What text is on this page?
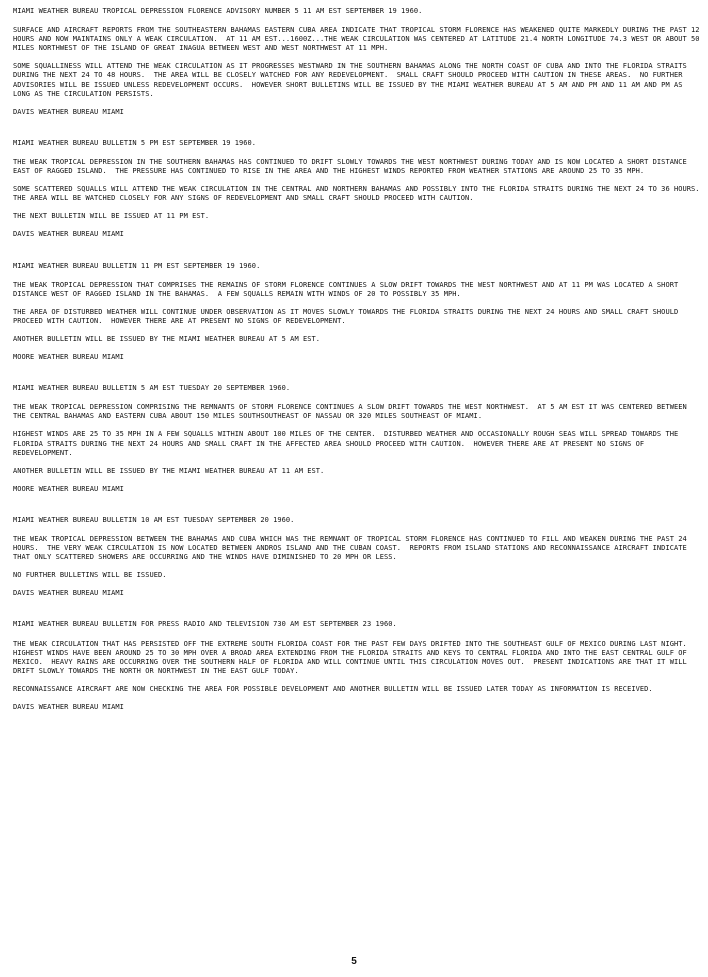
MIAMI WEATHER BUREAU TROPICAL DEPRESSION FLORENCE ADVISORY NUMBER 5 11 AM EST SEPTEMBER 19 1960.

SURFACE AND AIRCRAFT REPORTS FROM THE SOUTHEASTERN BAHAMAS EASTERN CUBA AREA INDICATE THAT TROPICAL STORM FLORENCE HAS WEAKENED QUITE MARKEDLY DURING THE PAST 12 HOURS AND NOW MAINTAINS ONLY A WEAK CIRCULATION.  AT 11 AM EST...1600Z...THE WEAK CIRCULATION WAS CENTERED AT LATITUDE 21.4 NORTH LONGITUDE 74.3 WEST OR ABOUT 50 MILES NORTHWEST OF THE ISLAND OF GREAT INAGUA BETWEEN WEST AND WEST NORTHWEST AT 11 MPH.

SOME SQUALLINESS WILL ATTEND THE WEAK CIRCULATION AS IT PROGRESSES WESTWARD IN THE SOUTHERN BAHAMAS ALONG THE NORTH COAST OF CUBA AND INTO THE FLORIDA STRAITS DURING THE NEXT 24 TO 48 HOURS.  THE AREA WILL BE CLOSELY WATCHED FOR ANY REDEVELOPMENT.  SMALL CRAFT SHOULD PROCEED WITH CAUTION IN THESE AREAS.  NO FURTHER ADVISORIES WILL BE ISSUED UNLESS REDEVELOPMENT OCCURS.  HOWEVER SHORT BULLETINS WILL BE ISSUED BY THE MIAMI WEATHER BUREAU AT 5 AM AND PM AND 11 AM AND PM AS LONG AS THE CIRCULATION PERSISTS.

DAVIS WEATHER BUREAU MIAMI

MIAMI WEATHER BUREAU BULLETIN 5 PM EST SEPTEMBER 19 1960.

THE WEAK TROPICAL DEPRESSION IN THE SOUTHERN BAHAMAS HAS CONTINUED TO DRIFT SLOWLY TOWARDS THE WEST NORTHWEST DURING TODAY AND IS NOW LOCATED A SHORT DISTANCE EAST OF RAGGED ISLAND.  THE PRESSURE HAS CONTINUED TO RISE IN THE AREA AND THE HIGHEST WINDS REPORTED FROM WEATHER STATIONS ARE AROUND 25 TO 35 MPH.

SOME SCATTERED SQUALLS WILL ATTEND THE WEAK CIRCULATION IN THE CENTRAL AND NORTHERN BAHAMAS AND POSSIBLY INTO THE FLORIDA STRAITS DURING THE NEXT 24 TO 36 HOURS.  THE AREA WILL BE WATCHED CLOSELY FOR ANY SIGNS OF REDEVELOPMENT AND SMALL CRAFT SHOULD PROCEED WITH CAUTION.

THE NEXT BULLETIN WILL BE ISSUED AT 11 PM EST.

DAVIS WEATHER BUREAU MIAMI

MIAMI WEATHER BUREAU BULLETIN 11 PM EST SEPTEMBER 19 1960.

THE WEAK TROPICAL DEPRESSION THAT COMPRISES THE REMAINS OF STORM FLORENCE CONTINUES A SLOW DRIFT TOWARDS THE WEST NORTHWEST AND AT 11 PM WAS LOCATED A SHORT DISTANCE WEST OF RAGGED ISLAND IN THE BAHAMAS.  A FEW SQUALLS REMAIN WITH WINDS OF 20 TO POSSIBLY 35 MPH.

THE AREA OF DISTURBED WEATHER WILL CONTINUE UNDER OBSERVATION AS IT MOVES SLOWLY TOWARDS THE FLORIDA STRAITS DURING THE NEXT 24 HOURS AND SMALL CRAFT SHOULD PROCEED WITH CAUTION.  HOWEVER THERE ARE AT PRESENT NO SIGNS OF REDEVELOPMENT.

ANOTHER BULLETIN WILL BE ISSUED BY THE MIAMI WEATHER BUREAU AT 5 AM EST.

MOORE WEATHER BUREAU MIAMI

MIAMI WEATHER BUREAU BULLETIN 5 AM EST TUESDAY 20 SEPTEMBER 1960.

THE WEAK TROPICAL DEPRESSION COMPRISING THE REMNANTS OF STORM FLORENCE CONTINUES A SLOW DRIFT TOWARDS THE WEST NORTHWEST.  AT 5 AM EST IT WAS CENTERED BETWEEN THE CENTRAL BAHAMAS AND EASTERN CUBA ABOUT 150 MILES SOUTHSOUTHEAST OF NASSAU OR 320 MILES SOUTHEAST OF MIAMI.

HIGHEST WINDS ARE 25 TO 35 MPH IN A FEW SQUALLS WITHIN ABOUT 100 MILES OF THE CENTER.  DISTURBED WEATHER AND OCCASIONALLY ROUGH SEAS WILL SPREAD TOWARDS THE FLORIDA STRAITS DURING THE NEXT 24 HOURS AND SMALL CRAFT IN THE AFFECTED AREA SHOULD PROCEED WITH CAUTION.  HOWEVER THERE ARE AT PRESENT NO SIGNS OF REDEVELOPMENT.

ANOTHER BULLETIN WILL BE ISSUED BY THE MIAMI WEATHER BUREAU AT 11 AM EST.

MOORE WEATHER BUREAU MIAMI

MIAMI WEATHER BUREAU BULLETIN 10 AM EST TUESDAY SEPTEMBER 20 1960.

THE WEAK TROPICAL DEPRESSION BETWEEN THE BAHAMAS AND CUBA WHICH WAS THE REMNANT OF TROPICAL STORM FLORENCE HAS CONTINUED TO FILL AND WEAKEN DURING THE PAST 24 HOURS.  THE VERY WEAK CIRCULATION IS NOW LOCATED BETWEEN ANDROS ISLAND AND THE CUBAN COAST.  REPORTS FROM ISLAND STATIONS AND RECONNAISSANCE AIRCRAFT INDICATE THAT ONLY SCATTERED SHOWERS ARE OCCURRING AND THE WINDS HAVE DIMINISHED TO 20 MPH OR LESS.

NO FURTHER BULLETINS WILL BE ISSUED.

DAVIS WEATHER BUREAU MIAMI

MIAMI WEATHER BUREAU BULLETIN FOR PRESS RADIO AND TELEVISION 730 AM EST SEPTEMBER 23 1960.

THE WEAK CIRCULATION THAT HAS PERSISTED OFF THE EXTREME SOUTH FLORIDA COAST FOR THE PAST FEW DAYS DRIFTED INTO THE SOUTHEAST GULF OF MEXICO DURING LAST NIGHT.  HIGHEST WINDS HAVE BEEN AROUND 25 TO 30 MPH OVER A BROAD AREA EXTENDING FROM THE FLORIDA STRAITS AND KEYS TO CENTRAL FLORIDA AND INTO THE EAST CENTRAL GULF OF MEXICO.  HEAVY RAINS ARE OCCURRING OVER THE SOUTHERN HALF OF FLORIDA AND WILL CONTINUE UNTIL THIS CIRCULATION MOVES OUT.  PRESENT INDICATIONS ARE THAT IT WILL DRIFT SLOWLY TOWARDS THE NORTH OR NORTHWEST IN THE EAST GULF TODAY.

RECONNAISSANCE AIRCRAFT ARE NOW CHECKING THE AREA FOR POSSIBLE DEVELOPMENT AND ANOTHER BULLETIN WILL BE ISSUED LATER TODAY AS INFORMATION IS RECEIVED.

DAVIS WEATHER BUREAU MIAMI

5
